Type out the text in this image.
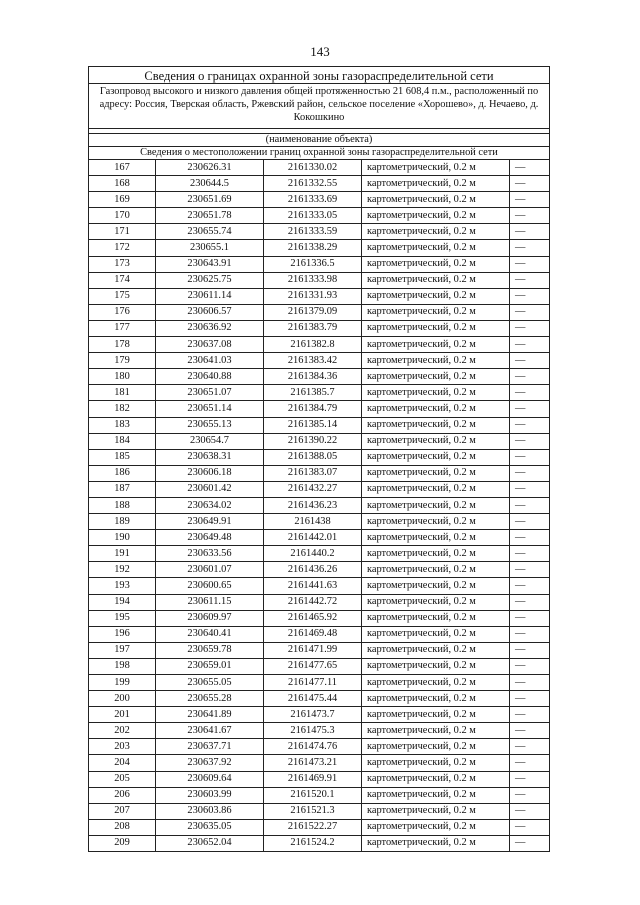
143
Сведения о границах охранной зоны газораспределительной сети
Газопровод высокого и низкого давления общей протяженностью 21 608,4 п.м., расположенный по адресу: Россия, Тверская область, Ржевский район, сельское поселение «Хорошево», д. Нечаево, д. Кокошкино
(наименование объекта)
Сведения о местоположении границ охранной зоны газораспределительной сети
167	230626.31	2161330.02	картометрический, 0.2 м	—
168	230644.5	2161332.55	картометрический, 0.2 м	—
169	230651.69	2161333.69	картометрический, 0.2 м	—
170	230651.78	2161333.05	картометрический, 0.2 м	—
171	230655.74	2161333.59	картометрический, 0.2 м	—
172	230655.1	2161338.29	картометрический, 0.2 м	—
173	230643.91	2161336.5	картометрический, 0.2 м	—
174	230625.75	2161333.98	картометрический, 0.2 м	—
175	230611.14	2161331.93	картометрический, 0.2 м	—
176	230606.57	2161379.09	картометрический, 0.2 м	—
177	230636.92	2161383.79	картометрический, 0.2 м	—
178	230637.08	2161382.8	картометрический, 0.2 м	—
179	230641.03	2161383.42	картометрический, 0.2 м	—
180	230640.88	2161384.36	картометрический, 0.2 м	—
181	230651.07	2161385.7	картометрический, 0.2 м	—
182	230651.14	2161384.79	картометрический, 0.2 м	—
183	230655.13	2161385.14	картометрический, 0.2 м	—
184	230654.7	2161390.22	картометрический, 0.2 м	—
185	230638.31	2161388.05	картометрический, 0.2 м	—
186	230606.18	2161383.07	картометрический, 0.2 м	—
187	230601.42	2161432.27	картометрический, 0.2 м	—
188	230634.02	2161436.23	картометрический, 0.2 м	—
189	230649.91	2161438	картометрический, 0.2 м	—
190	230649.48	2161442.01	картометрический, 0.2 м	—
191	230633.56	2161440.2	картометрический, 0.2 м	—
192	230601.07	2161436.26	картометрический, 0.2 м	—
193	230600.65	2161441.63	картометрический, 0.2 м	—
194	230611.15	2161442.72	картометрический, 0.2 м	—
195	230609.97	2161465.92	картометрический, 0.2 м	—
196	230640.41	2161469.48	картометрический, 0.2 м	—
197	230659.78	2161471.99	картометрический, 0.2 м	—
198	230659.01	2161477.65	картометрический, 0.2 м	—
199	230655.05	2161477.11	картометрический, 0.2 м	—
200	230655.28	2161475.44	картометрический, 0.2 м	—
201	230641.89	2161473.7	картометрический, 0.2 м	—
202	230641.67	2161475.3	картометрический, 0.2 м	—
203	230637.71	2161474.76	картометрический, 0.2 м	—
204	230637.92	2161473.21	картометрический, 0.2 м	—
205	230609.64	2161469.91	картометрический, 0.2 м	—
206	230603.99	2161520.1	картометрический, 0.2 м	—
207	230603.86	2161521.3	картометрический, 0.2 м	—
208	230635.05	2161522.27	картометрический, 0.2 м	—
209	230652.04	2161524.2	картометрический, 0.2 м	—
